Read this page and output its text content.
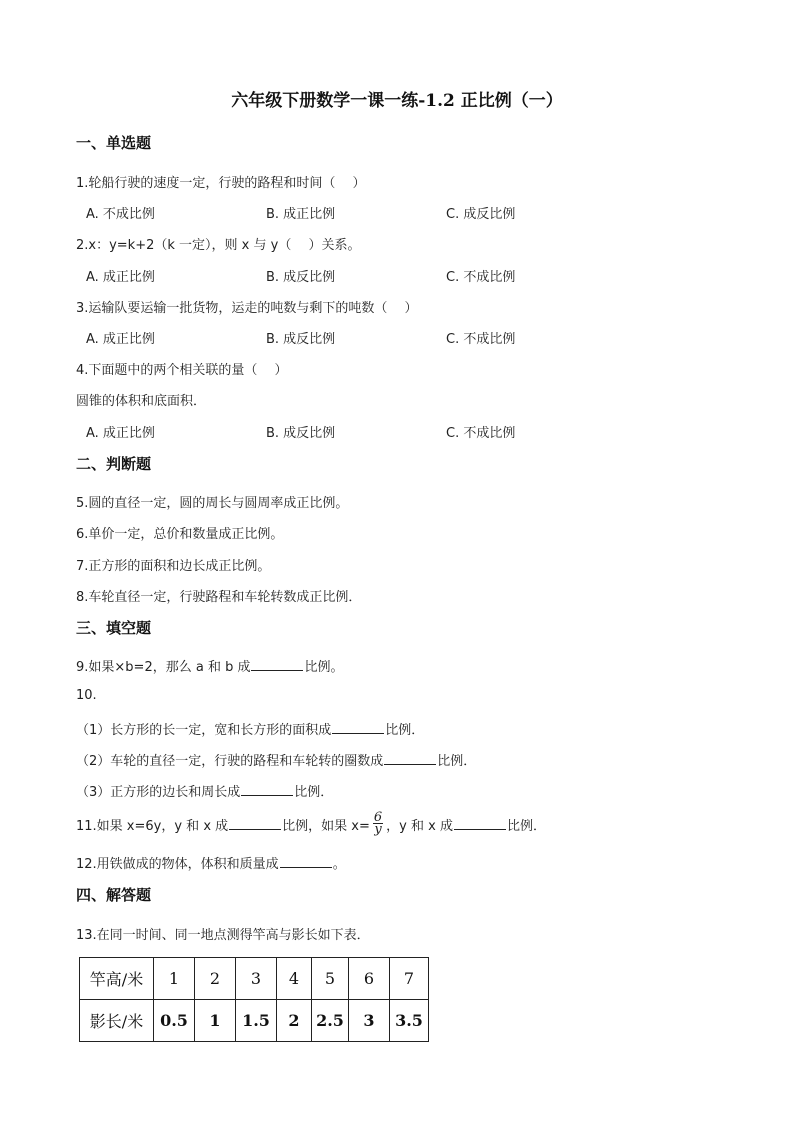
六年级下册数学一课一练-1.2 正比例（一）
一、单选题
1.轮船行驶的速度一定，行驶的路程和时间（　 ）
A. 不成比例	B. 成正比例	C. 成反比例
2.x：y=k+2（k 一定），则 x 与 y（　 ）关系。
A. 成正比例	B. 成反比例	C. 不成比例
3.运输队要运输一批货物，运走的吨数与剩下的吨数（　 ）
A. 成正比例	B. 成反比例	C. 不成比例
4.下面题中的两个相关联的量（　 ）
圆锥的体积和底面积．
A. 成正比例	B. 成反比例	C. 不成比例
二、判断题
5.圆的直径一定，圆的周长与圆周率成正比例。
6.单价一定，总价和数量成正比例。
7.正方形的面积和边长成正比例。
8.车轮直径一定，行驶路程和车轮转数成正比例．
三、填空题
9.如果×b=2，那么 a 和 b 成	比例。
10.
（1）长方形的长一定，宽和长方形的面积成	比例．
（2）车轮的直径一定，行驶的路程和车轮转的圈数成	比例．
（3）正方形的边长和周长成	比例．
11.如果 x=6y，y 和 x 成	比例，如果 $x= \frac{6}{y}$ ，y 和 x 成	比例．
12.用铁做成的物体，体积和质量成	。
四、解答题
13.在同一时间、同一地点测得竿高与影长如下表．
竿高/米	1	2	3	4	5	6	7
影长/米	0.5	1	1.5	2	2.5	3	3.5
